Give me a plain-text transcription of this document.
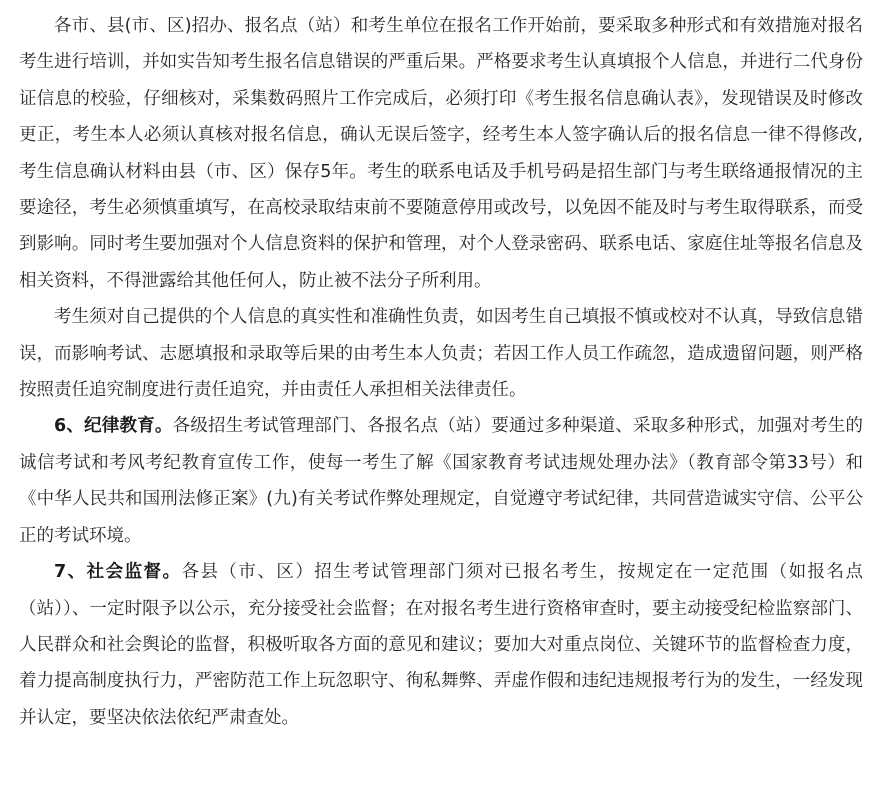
各市、县(市、区)招办、报名点（站）和考生单位在报名工作开始前，要采取多种形式和有效措施对报名考生进行培训，并如实告知考生报名信息错误的严重后果。严格要求考生认真填报个人信息，并进行二代身份证信息的校验，仔细核对，采集数码照片工作完成后，必须打印《考生报名信息确认表》，发现错误及时修改更正，考生本人必须认真核对报名信息，确认无误后签字，经考生本人签字确认后的报名信息一律不得修改,考生信息确认材料由县（市、区）保存5年。考生的联系电话及手机号码是招生部门与考生联络通报情况的主要途径，考生必须慎重填写，在高校录取结束前不要随意停用或改号，以免因不能及时与考生取得联系，而受到影响。同时考生要加强对个人信息资料的保护和管理，对个人登录密码、联系电话、家庭住址等报名信息及相关资料，不得泄露给其他任何人，防止被不法分子所利用。

考生须对自己提供的个人信息的真实性和准确性负责，如因考生自己填报不慎或校对不认真，导致信息错误，而影响考试、志愿填报和录取等后果的由考生本人负责；若因工作人员工作疏忽，造成遗留问题，则严格按照责任追究制度进行责任追究，并由责任人承担相关法律责任。

6、纪律教育。各级招生考试管理部门、各报名点（站）要通过多种渠道、采取多种形式，加强对考生的诚信考试和考风考纪教育宣传工作，使每一考生了解《国家教育考试违规处理办法》（教育部令第33号）和《中华人民共和国刑法修正案》(九)有关考试作弊处理规定，自觉遵守考试纪律，共同营造诚实守信、公平公正的考试环境。

7、社会监督。各县（市、区）招生考试管理部门须对已报名考生，按规定在一定范围（如报名点（站））、一定时限予以公示，充分接受社会监督；在对报名考生进行资格审查时，要主动接受纪检监察部门、人民群众和社会舆论的监督，积极听取各方面的意见和建议；要加大对重点岗位、关键环节的监督检查力度，着力提高制度执行力，严密防范工作上玩忽职守、徇私舞弊、弄虚作假和违纪违规报考行为的发生，一经发现并认定，要坚决依法依纪严肃查处。
